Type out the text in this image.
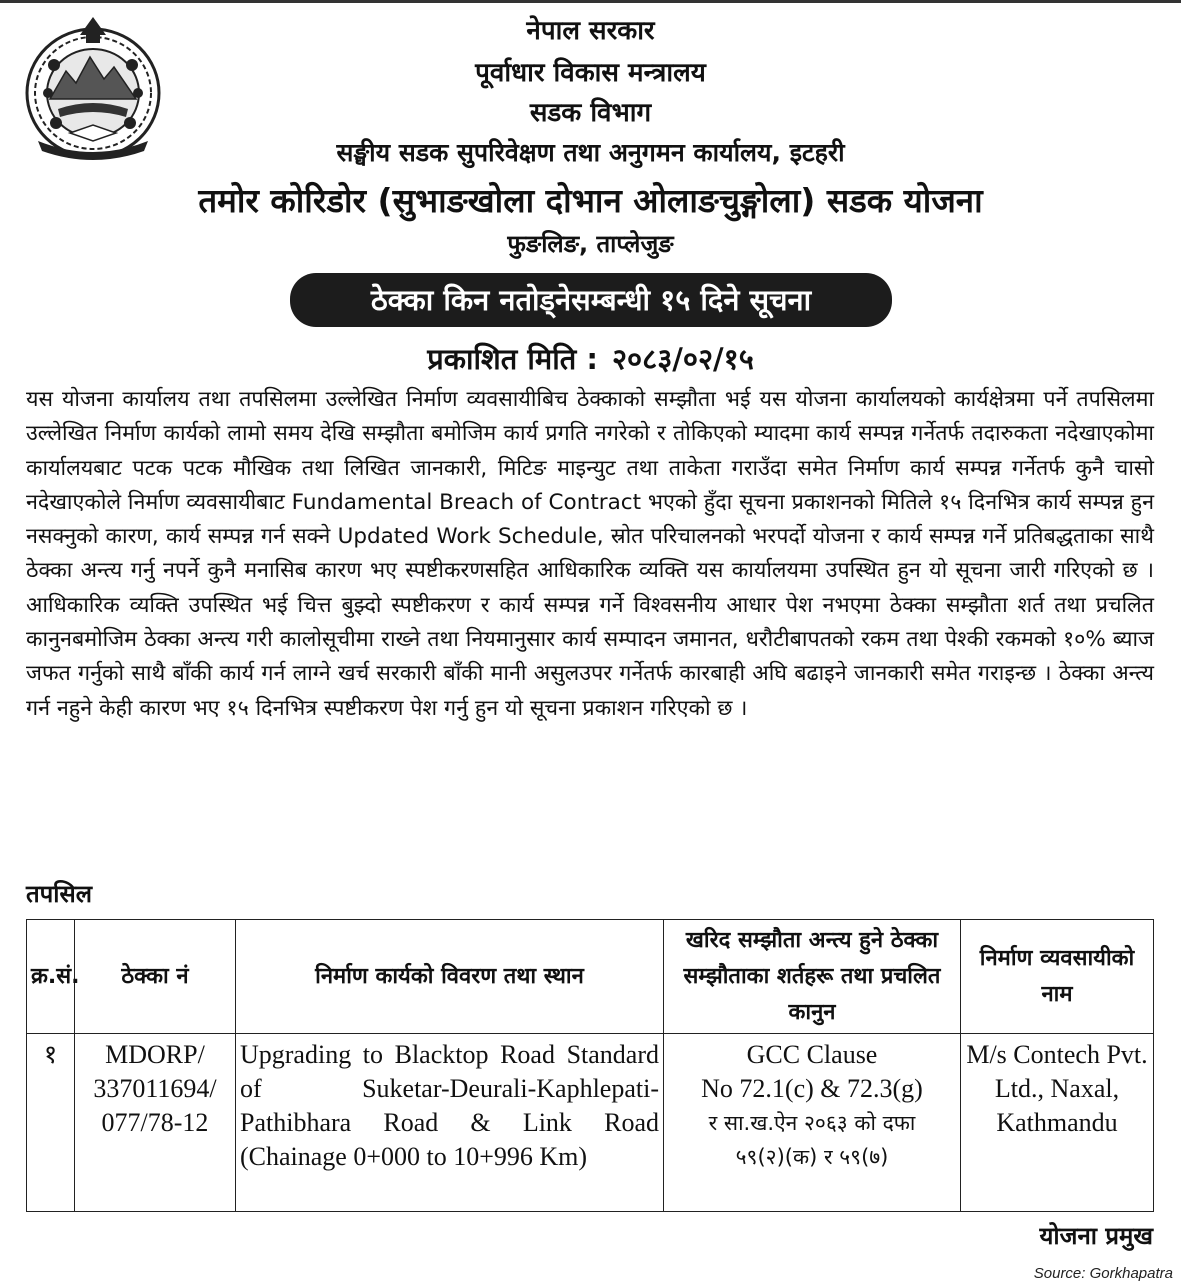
नेपाल सरकार
पूर्वाधार विकास मन्त्रालय
सडक विभाग
सङ्घीय सडक सुपरिवेक्षण तथा अनुगमन कार्यालय, इटहरी
तमोर कोरिडोर (सुभाङखोला दोभान ओलाङचुङ्गोला) सडक योजना
फुङलिङ, ताप्लेजुङ
ठेक्का किन नतोड्नेसम्बन्धी १५ दिने सूचना
प्रकाशित मिति : २०८३/०२/१५

यस योजना कार्यालय तथा तपसिलमा उल्लेखित निर्माण व्यवसायीबिच ठेक्काको सम्झौता भई यस योजना कार्यालयको कार्यक्षेत्रमा पर्ने तपसिलमा उल्लेखित निर्माण कार्यको लामो समय देखि सम्झौता बमोजिम कार्य प्रगति नगरेको र तोकिएको म्यादमा कार्य सम्पन्न गर्नेतर्फ तदारुकता नदेखाएकोमा कार्यालयबाट पटक पटक मौखिक तथा लिखित जानकारी, मिटिङ माइन्युट तथा ताकेता गराउँदा समेत निर्माण कार्य सम्पन्न गर्नेतर्फ कुनै चासो नदेखाएकोले निर्माण व्यवसायीबाट Fundamental Breach of Contract भएको हुँदा सूचना प्रकाशनको मितिले १५ दिनभित्र कार्य सम्पन्न हुन नसक्नुको कारण, कार्य सम्पन्न गर्न सक्ने Updated Work Schedule, स्रोत परिचालनको भरपर्दो योजना र कार्य सम्पन्न गर्ने प्रतिबद्धताका साथै ठेक्का अन्त्य गर्नु नपर्ने कुनै मनासिब कारण भए स्पष्टीकरणसहित आधिकारिक व्यक्ति यस कार्यालयमा उपस्थित हुन यो सूचना जारी गरिएको छ । आधिकारिक व्यक्ति उपस्थित भई चित्त बुझ्दो स्पष्टीकरण र कार्य सम्पन्न गर्ने विश्वसनीय आधार पेश नभएमा ठेक्का सम्झौता शर्त तथा प्रचलित कानुनबमोजिम ठेक्का अन्त्य गरी कालोसूचीमा राख्ने तथा नियमानुसार कार्य सम्पादन जमानत, धरौटीबापतको रकम तथा पेश्की रकमको १०% ब्याज जफत गर्नुको साथै बाँकी कार्य गर्न लाग्ने खर्च सरकारी बाँकी मानी असुलउपर गर्नेतर्फ कारबाही अघि बढाइने जानकारी समेत गराइन्छ । ठेक्का अन्त्य गर्न नहुने केही कारण भए १५ दिनभित्र स्पष्टीकरण पेश गर्नु हुन यो सूचना प्रकाशन गरिएको छ ।

तपसिल
क्र.सं.	ठेक्का नं	निर्माण कार्यको विवरण तथा स्थान	खरिद सम्झौता अन्त्य हुने ठेक्का सम्झौताका शर्तहरू तथा प्रचलित कानुन	निर्माण व्यवसायीको नाम
१	MDORP/ 337011694/ 077/78-12	Upgrading to Blacktop Road Standard of Suketar-Deurali-Kaphlepati-Pathibhara Road & Link Road (Chainage 0+000 to 10+996 Km)	GCC Clause
No 72.1(c) & 72.3(g)
र सा.ख.ऐन २०६३ को दफा
५९(२)(क) र ५९(७)	M/s Contech Pvt. Ltd., Naxal, Kathmandu
योजना प्रमुख
Source: Gorkhapatra
